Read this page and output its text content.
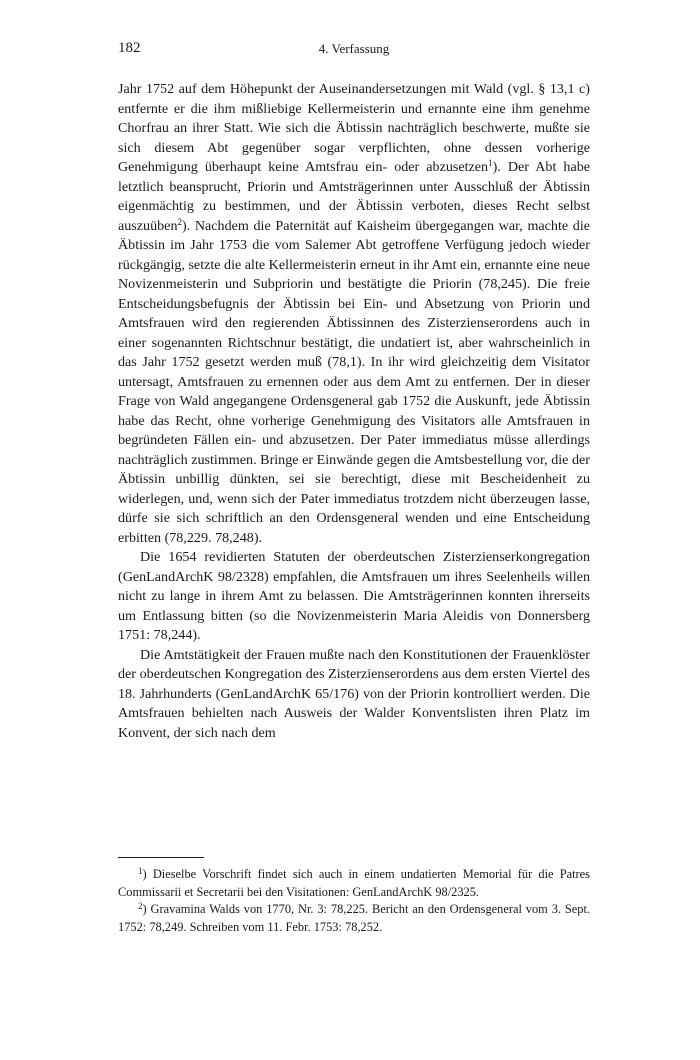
182	4. Verfassung

Jahr 1752 auf dem Höhepunkt der Auseinandersetzungen mit Wald (vgl. § 13,1 c) entfernte er die ihm mißliebige Kellermeisterin und ernannte eine ihm genehme Chorfrau an ihrer Statt. Wie sich die Äbtissin nachträglich beschwerte, mußte sie sich diesem Abt gegenüber sogar verpflichten, ohne dessen vorherige Genehmigung überhaupt keine Amtsfrau ein- oder abzusetzen$^1$). Der Abt habe letztlich beansprucht, Priorin und Amtsträgerinnen unter Ausschluß der Äbtissin eigenmächtig zu bestimmen, und der Äbtissin verboten, dieses Recht selbst auszuüben$^2$). Nachdem die Paternität auf Kaisheim übergegangen war, machte die Äbtissin im Jahr 1753 die vom Salemer Abt getroffene Verfügung jedoch wieder rückgängig, setzte die alte Kellermeisterin erneut in ihr Amt ein, ernannte eine neue Novizenmeisterin und Subpriorin und bestätigte die Priorin (78,245). Die freie Entscheidungsbefugnis der Äbtissin bei Ein- und Absetzung von Priorin und Amtsfrauen wird den regierenden Äbtissinnen des Zisterzienserordens auch in einer sogenannten Richtschnur bestätigt, die undatiert ist, aber wahrscheinlich in das Jahr 1752 gesetzt werden muß (78,1). In ihr wird gleichzeitig dem Visitator untersagt, Amtsfrauen zu ernennen oder aus dem Amt zu entfernen. Der in dieser Frage von Wald angegangene Ordensgeneral gab 1752 die Auskunft, jede Äbtissin habe das Recht, ohne vorherige Genehmigung des Visitators alle Amtsfrauen in begründeten Fällen ein- und abzusetzen. Der Pater immediatus müsse allerdings nachträglich zustimmen. Bringe er Einwände gegen die Amtsbestellung vor, die der Äbtissin unbillig dünkten, sei sie berechtigt, diese mit Bescheidenheit zu widerlegen, und, wenn sich der Pater immediatus trotzdem nicht überzeugen lasse, dürfe sie sich schriftlich an den Ordensgeneral wenden und eine Entscheidung erbitten (78,229. 78,248).

Die 1654 revidierten Statuten der oberdeutschen Zisterzienserkongregation (GenLandArchK 98/2328) empfahlen, die Amtsfrauen um ihres Seelenheils willen nicht zu lange in ihrem Amt zu belassen. Die Amtsträgerinnen konnten ihrerseits um Entlassung bitten (so die Novizenmeisterin Maria Aleidis von Donnersberg 1751: 78,244).

Die Amtstätigkeit der Frauen mußte nach den Konstitutionen der Frauenklöster der oberdeutschen Kongregation des Zisterzienserordens aus dem ersten Viertel des 18. Jahrhunderts (GenLandArchK 65/176) von der Priorin kontrolliert werden. Die Amtsfrauen behielten nach Ausweis der Walder Konventslisten ihren Platz im Konvent, der sich nach dem

$^1$) Dieselbe Vorschrift findet sich auch in einem undatierten Memorial für die Patres Commissarii et Secretarii bei den Visitationen: GenLandArchK 98/2325.

$^2$) Gravamina Walds von 1770, Nr. 3: 78,225. Bericht an den Ordensgeneral vom 3. Sept. 1752: 78,249. Schreiben vom 11. Febr. 1753: 78,252.
